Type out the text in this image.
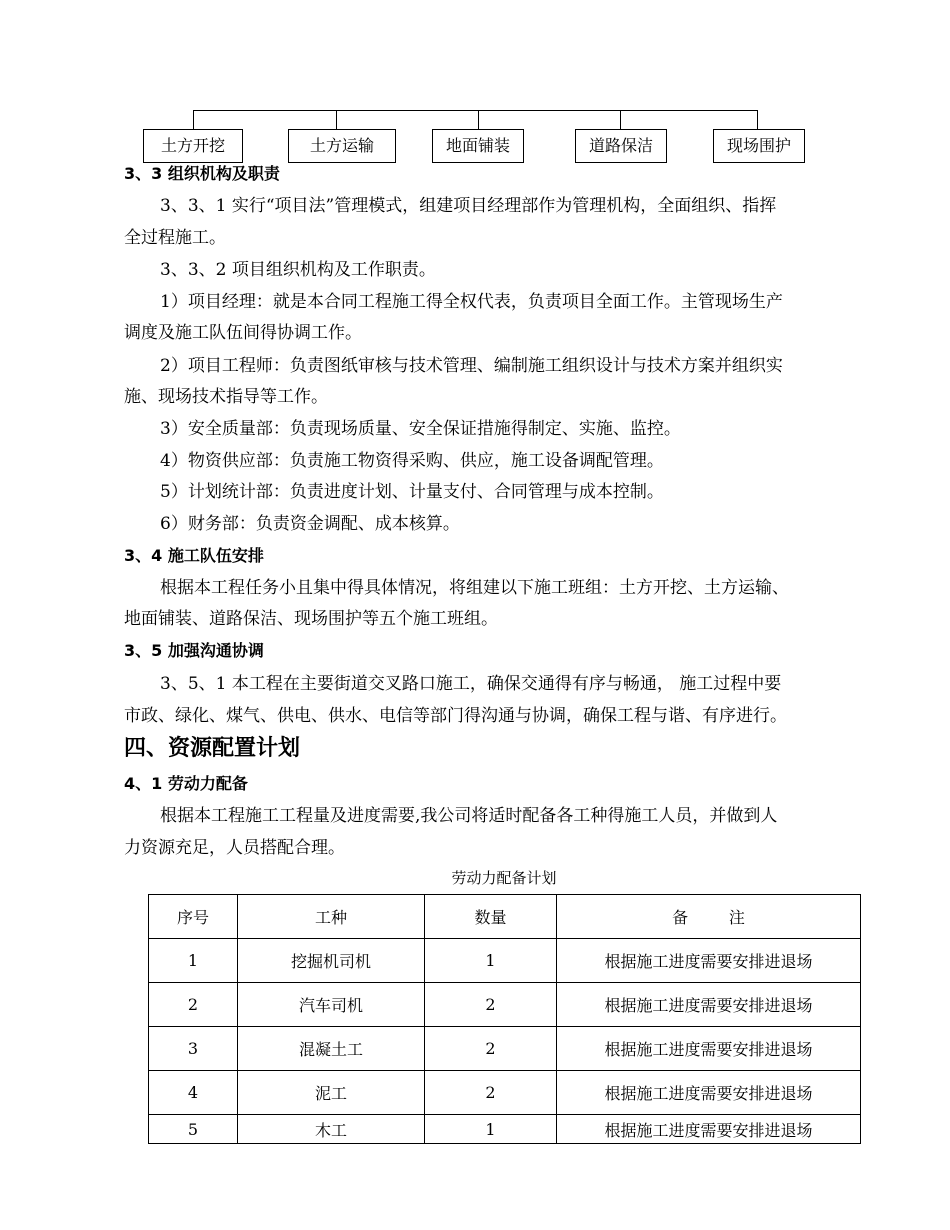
土方开挖	土方运输	地面铺装	道路保洁	现场围护
3、3 组织机构及职责
3、3、1 实行“项目法”管理模式，组建项目经理部作为管理机构，全面组织、指挥
全过程施工。
3、3、2 项目组织机构及工作职责。
1）项目经理：就是本合同工程施工得全权代表，负责项目全面工作。主管现场生产
调度及施工队伍间得协调工作。
2）项目工程师：负责图纸审核与技术管理、编制施工组织设计与技术方案并组织实
施、现场技术指导等工作。
3）安全质量部：负责现场质量、安全保证措施得制定、实施、监控。
4）物资供应部：负责施工物资得采购、供应，施工设备调配管理。
5）计划统计部：负责进度计划、计量支付、合同管理与成本控制。
6）财务部：负责资金调配、成本核算。
3、4 施工队伍安排
根据本工程任务小且集中得具体情况，将组建以下施工班组：土方开挖、土方运输、
地面铺装、道路保洁、现场围护等五个施工班组。
3、5 加强沟通协调
3、5、1 本工程在主要街道交叉路口施工，确保交通得有序与畅通， 施工过程中要
市政、绿化、煤气、供电、供水、电信等部门得沟通与协调，确保工程与谐、有序进行。
四、资源配置计划
4、1 劳动力配备
根据本工程施工工程量及进度需要,我公司将适时配备各工种得施工人员，并做到人
力资源充足，人员搭配合理。
劳动力配备计划
序号	工种	数量	备        注
1	挖掘机司机	1	根据施工进度需要安排进退场
2	汽车司机	2	根据施工进度需要安排进退场
3	混凝土工	2	根据施工进度需要安排进退场
4	泥工	2	根据施工进度需要安排进退场
5	木工	1	根据施工进度需要安排进退场
